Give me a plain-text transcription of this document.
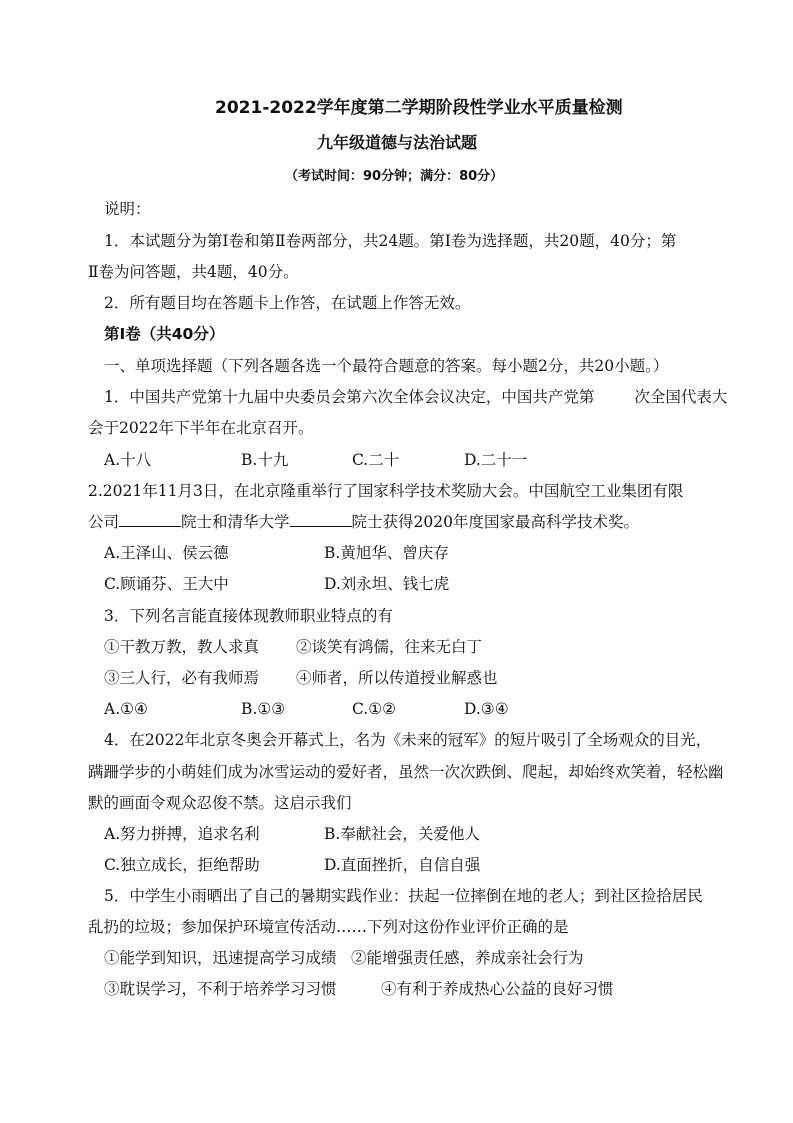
2021-2022学年度第二学期阶段性学业水平质量检测
九年级道德与法治试题
（考试时间：90分钟；满分：80分）
说明：
1．本试题分为第Ⅰ卷和第Ⅱ卷两部分，共24题。第Ⅰ卷为选择题，共20题，40分；第
Ⅱ卷为问答题，共4题，40分。
2．所有题目均在答题卡上作答，在试题上作答无效。
第Ⅰ卷（共40分）
一、单项选择题（下列各题各选一个最符合题意的答案。每小题2分，共20小题。）
1．中国共产党第十九届中央委员会第六次全体会议决定，中国共产党第	次全国代表大
会于2022年下半年在北京召开。
A.十八	B.十九	C.二十	D.二十一
2.2021年11月3日，在北京隆重举行了国家科学技术奖励大会。中国航空工业集团有限
公司	院士和清华大学	院士获得2020年度国家最高科学技术奖。
A.王泽山、侯云德	B.黄旭华、曾庆存
C.顾诵芬、王大中	D.刘永坦、钱七虎
3．下列名言能直接体现教师职业特点的有
①干教万教，教人求真 ②谈笑有鸿儒，往来无白丁
③三人行，必有我师焉 ④师者，所以传道授业解惑也
A.①④	B.①③	C.①②	D.③④
4．在2022年北京冬奥会开幕式上，名为《未来的冠军》的短片吸引了全场观众的目光，
蹒跚学步的小萌娃们成为冰雪运动的爱好者，虽然一次次跌倒、爬起，却始终欢笑着，轻松幽
默的画面令观众忍俊不禁。这启示我们
A.努力拼搏，追求名利	B.奉献社会，关爱他人
C.独立成长，拒绝帮助	D.直面挫折，自信自强
5．中学生小雨晒出了自己的暑期实践作业：扶起一位摔倒在地的老人；到社区捡拾居民
乱扔的垃圾；参加保护环境宣传活动……下列对这份作业评价正确的是
①能学到知识，迅速提高学习成绩 ②能增强责任感，养成亲社会行为
③耽误学习，不利于培养学习习惯	④有利于养成热心公益的良好习惯
